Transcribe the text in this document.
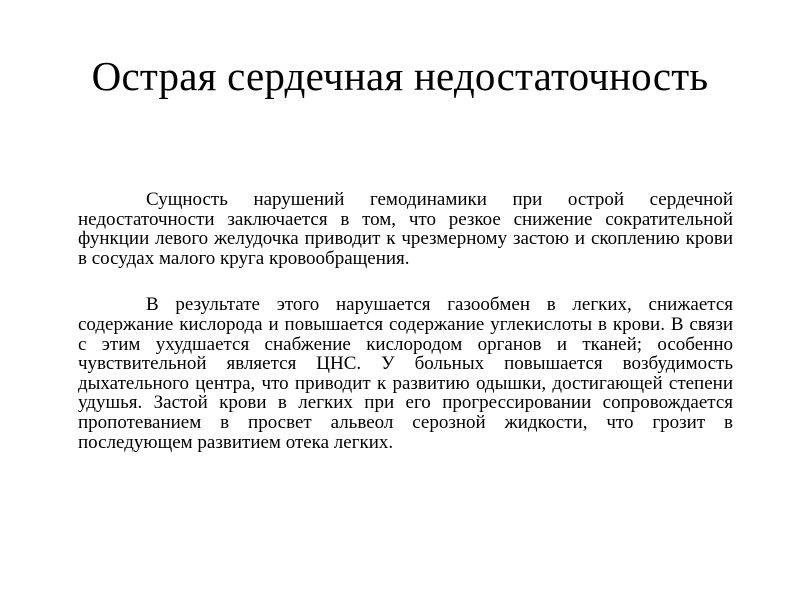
Острая сердечная недостаточность

Сущность нарушений гемодинамики при острой сердечной недостаточности заключается в том, что резкое снижение сократительной функции левого желудочка приводит к чрезмерному застою и скоплению крови в сосудах малого круга кровообращения.

В результате этого нарушается газообмен в легких, снижается содержание кислорода и повышается содержание углекислоты в крови. В связи с этим ухудшается снабжение кислородом органов и тканей; особенно чувствительной является ЦНС. У больных повышается возбудимость дыхательного центра, что приводит к развитию одышки, достигающей степени удушья. Застой крови в легких при его прогрессировании сопровождается пропотеванием в просвет альвеол серозной жидкости, что грозит в последующем развитием отека легких.
